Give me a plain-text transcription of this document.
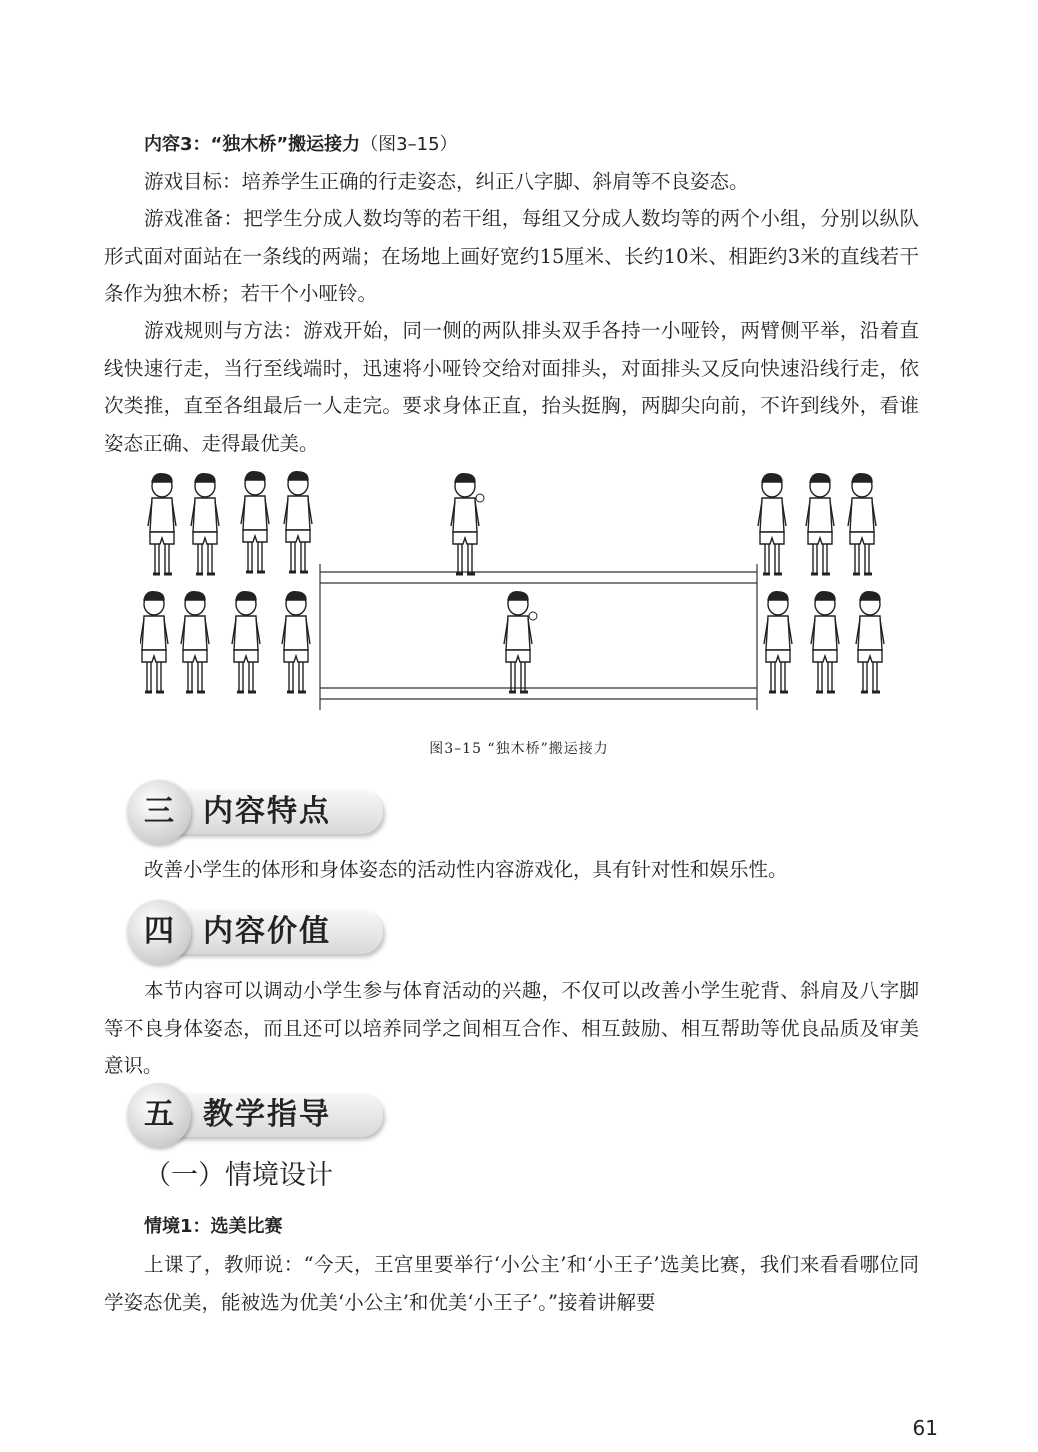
内容3：“独木桥”搬运接力（图3–15）
游戏目标：培养学生正确的行走姿态，纠正八字脚、斜肩等不良姿态。
游戏准备：把学生分成人数均等的若干组，每组又分成人数均等的两个小组，分别以纵队形式面对面站在一条线的两端；在场地上画好宽约15厘米、长约10米、相距约3米的直线若干条作为独木桥；若干个小哑铃。
游戏规则与方法：游戏开始，同一侧的两队排头双手各持一小哑铃，两臂侧平举，沿着直线快速行走，当行至线端时，迅速将小哑铃交给对面排头，对面排头又反向快速沿线行走，依次类推，直至各组最后一人走完。要求身体正直，抬头挺胸，两脚尖向前，不许到线外，看谁姿态正确、走得最优美。
图3–15 “独木桥”搬运接力
三 内容特点
改善小学生的体形和身体姿态的活动性内容游戏化，具有针对性和娱乐性。
四 内容价值
本节内容可以调动小学生参与体育活动的兴趣，不仅可以改善小学生驼背、斜肩及八字脚等不良身体姿态，而且还可以培养同学之间相互合作、相互鼓励、相互帮助等优良品质及审美意识。
五 教学指导
（一）情境设计
情境1：选美比赛
上课了，教师说：“今天，王宫里要举行‘小公主’和‘小王子’选美比赛，我们来看看哪位同学姿态优美，能被选为优美‘小公主’和优美‘小王子’。”接着讲解要
61
